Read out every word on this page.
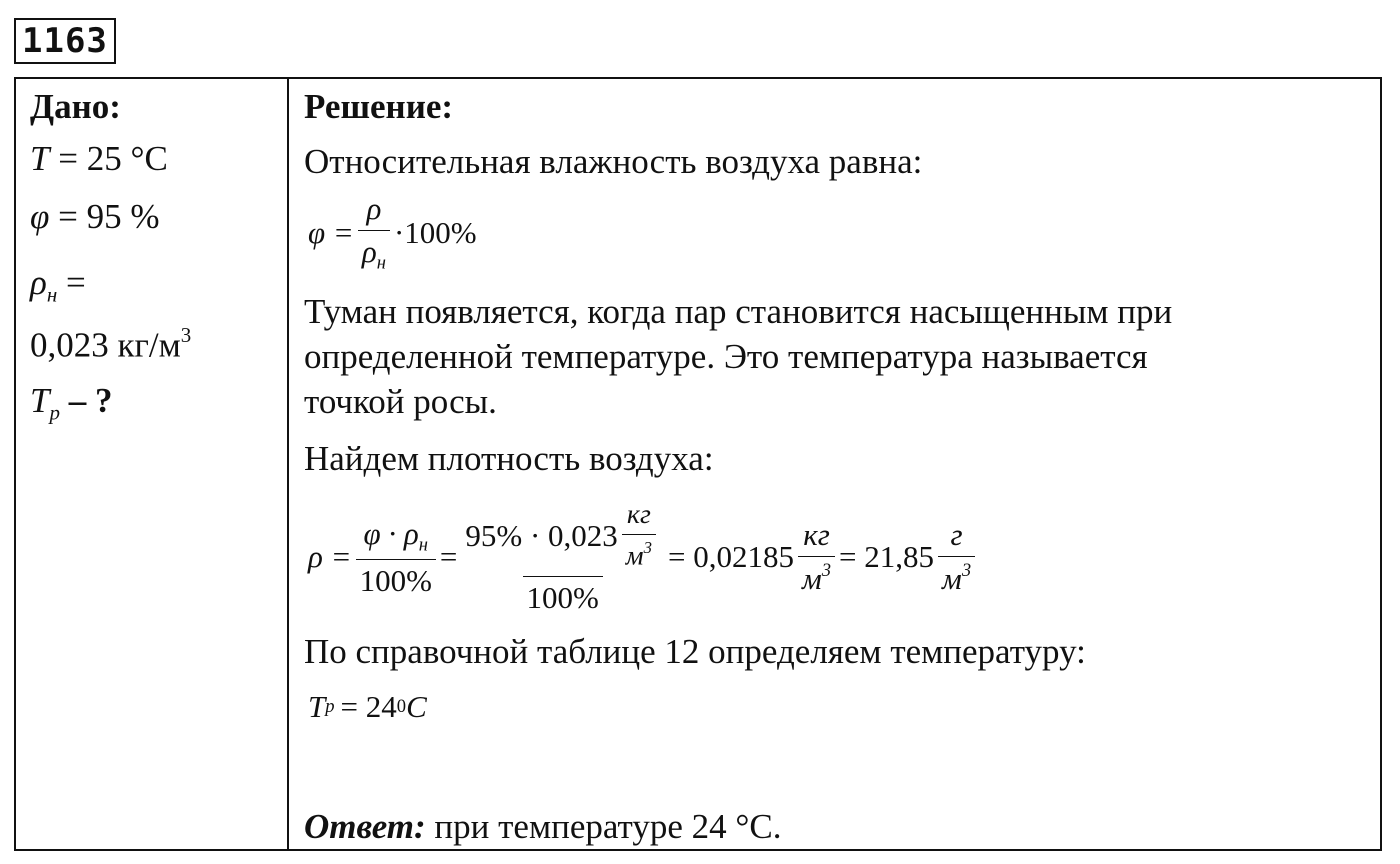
1163
Дано:
T = 25 °C
φ = 95 %
$\rho_н$ =
0,023 $кг/м^3$
$T_p$ – ?
Решение:
Относительная влажность воздуха равна:
$\varphi = \frac{\rho}{\rho_н} \cdot 100\%$
Туман появляется, когда пар становится насыщенным при
определенной температуре. Это температура называется
точкой росы.
Найдем плотность воздуха:
$\rho = \frac{\varphi \cdot \rho_н}{100\%} = \frac{95\% \cdot 0,023 \frac{кг}{м^3}}{100\%} = 0,02185 \frac{кг}{м^3} = 21,85 \frac{г}{м^3}$
По справочной таблице 12 определяем температуру:
T p = 24 0 C
Ответ: при температуре 24 °С.
